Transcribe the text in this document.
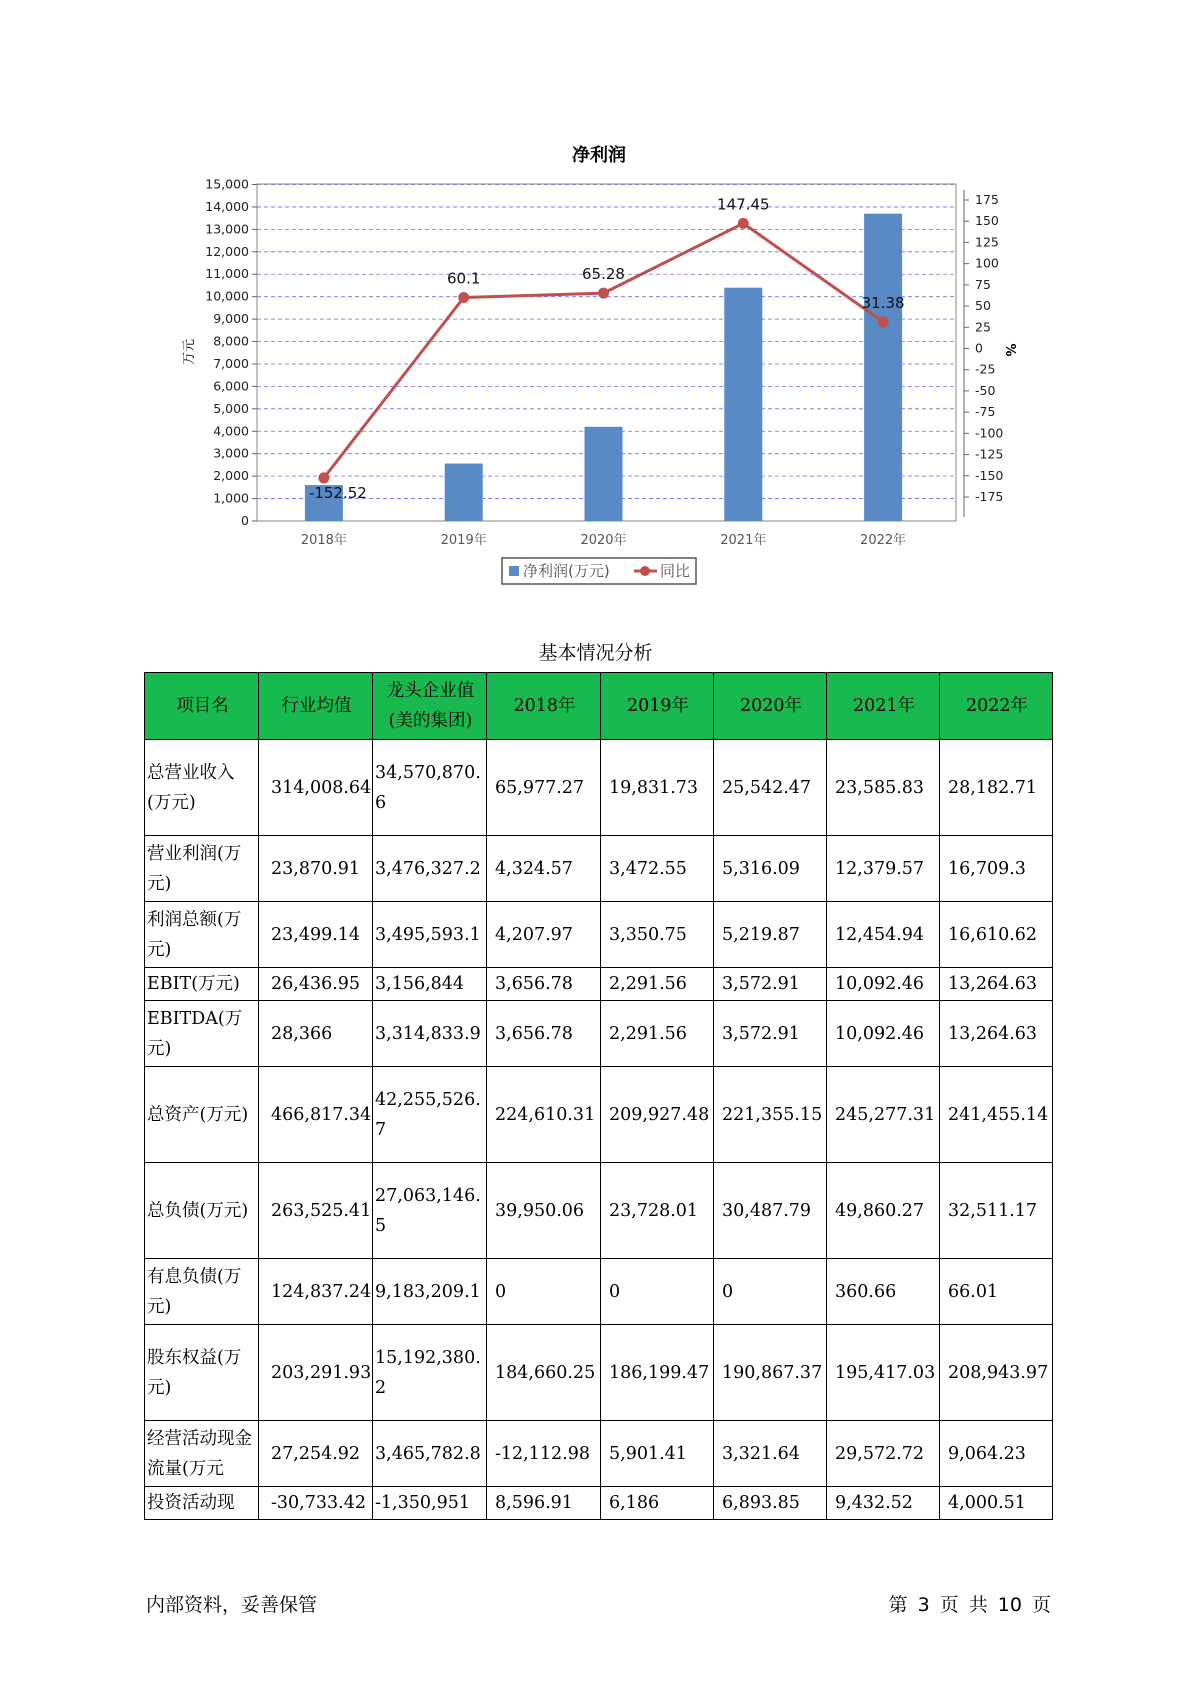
净利润
0
1,000
2,000
3,000
4,000
5,000
6,000
7,000
8,000
9,000
10,000
11,000
12,000
13,000
14,000
15,000
-175
-150
-125
-100
-75
-50
-25
0
25
50
75
100
125
150
175
2018年	2019年	2020年	2021年	2022年
-152.52
60.1	65.28
147.45
31.38
万元	%
净利润(万元)	同比
基本情况分析
项目名	行业均值	龙头企业值(美的集团)	2018年	2019年	2020年	2021年	2022年
总营业收入(万元)	314,008.64	34,570,870.6	65,977.27	19,831.73	25,542.47	23,585.83	28,182.71
营业利润(万元)	23,870.91	3,476,327.2	4,324.57	3,472.55	5,316.09	12,379.57	16,709.3
利润总额(万元)	23,499.14	3,495,593.1	4,207.97	3,350.75	5,219.87	12,454.94	16,610.62
EBIT(万元)	26,436.95	3,156,844	3,656.78	2,291.56	3,572.91	10,092.46	13,264.63
EBITDA(万元)	28,366	3,314,833.9	3,656.78	2,291.56	3,572.91	10,092.46	13,264.63
总资产(万元)	466,817.34	42,255,526.7	224,610.31	209,927.48	221,355.15	245,277.31	241,455.14
总负债(万元)	263,525.41	27,063,146.5	39,950.06	23,728.01	30,487.79	49,860.27	32,511.17
有息负债(万元)	124,837.24	9,183,209.1	0	0	0	360.66	66.01
股东权益(万元)	203,291.93	15,192,380.2	184,660.25	186,199.47	190,867.37	195,417.03	208,943.97
经营活动现金流量(万元	27,254.92	3,465,782.8	-12,112.98	5,901.41	3,321.64	29,572.72	9,064.23
投资活动现	-30,733.42	-1,350,951	8,596.91	6,186	6,893.85	9,432.52	4,000.51
内部资料，妥善保管	第 3 页 共 10 页
